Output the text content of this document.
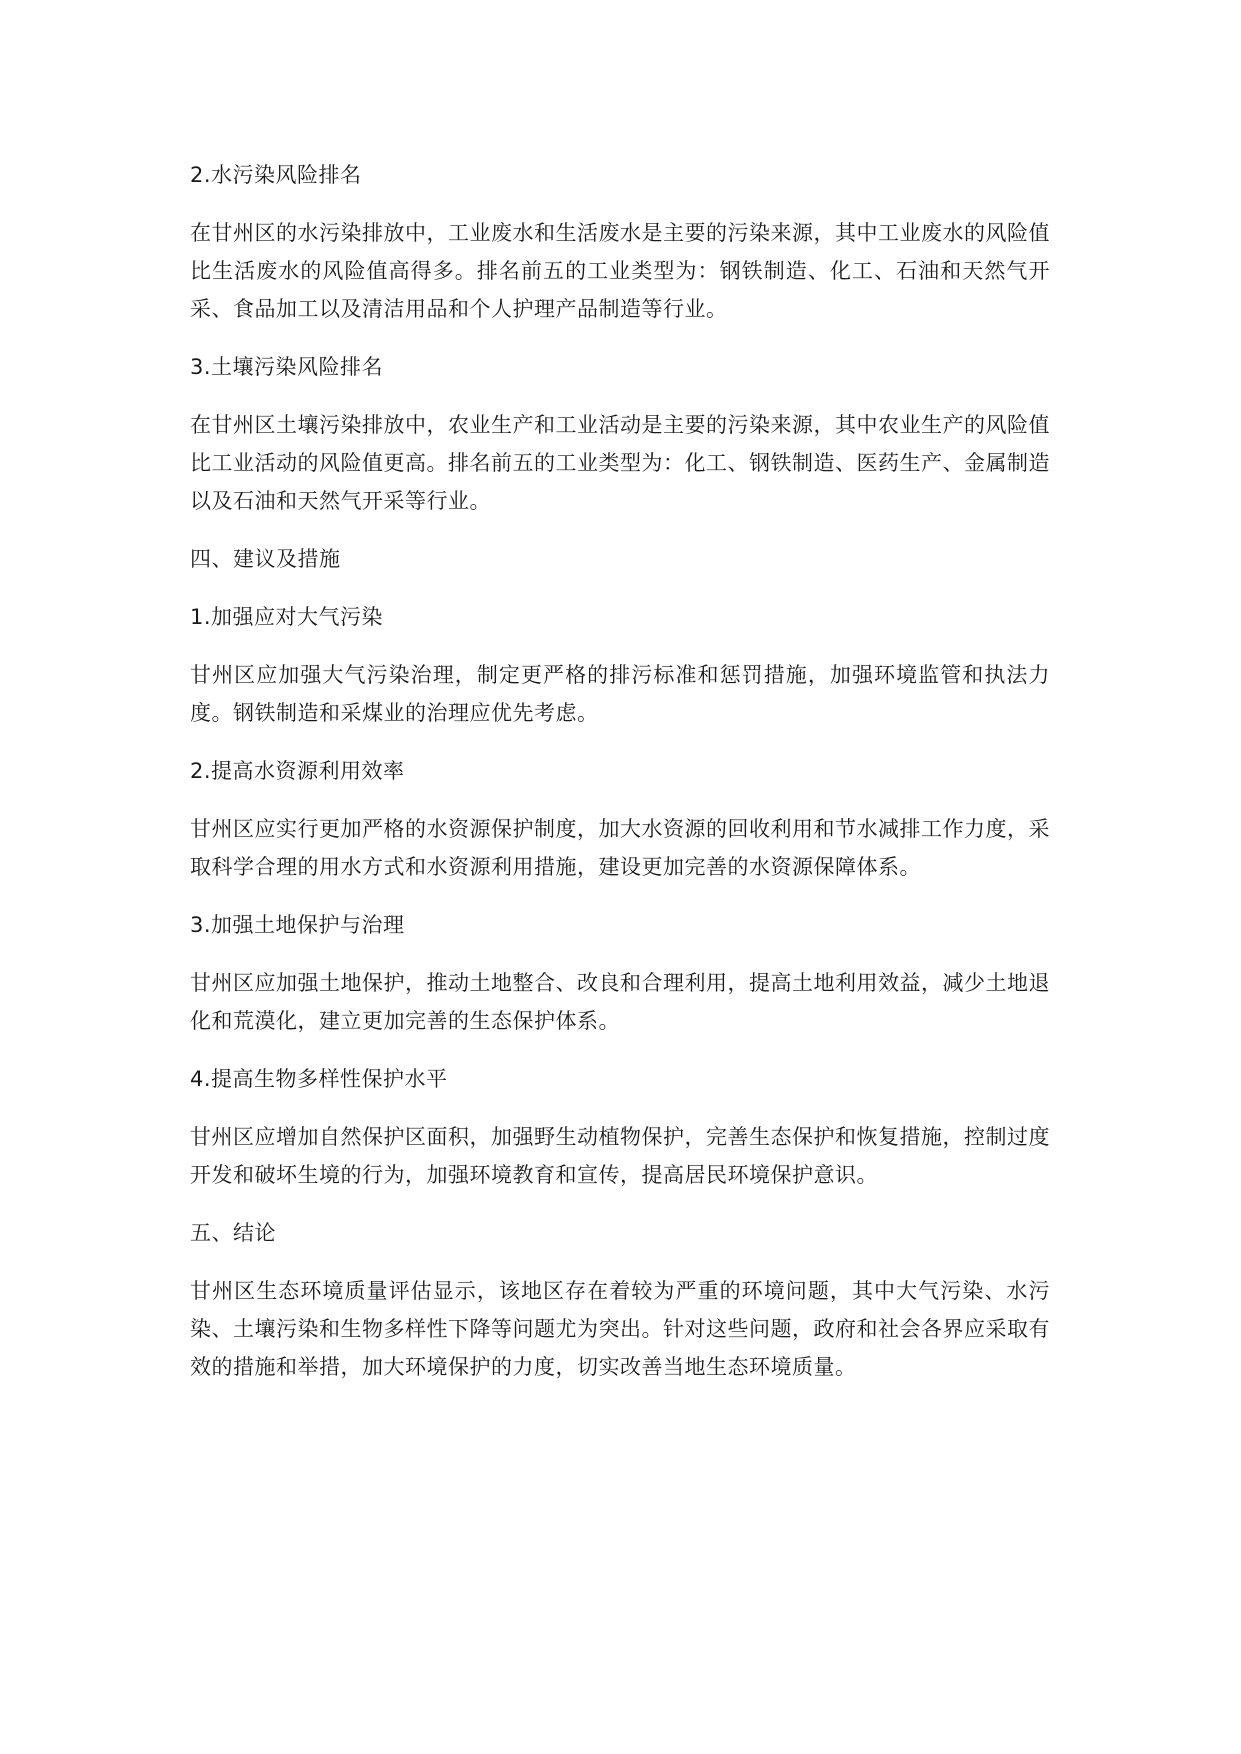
2.水污染风险排名
在甘州区的水污染排放中，工业废水和生活废水是主要的污染来源，其中工业废水的风险值比生活废水的风险值高得多。排名前五的工业类型为：钢铁制造、化工、石油和天然气开采、食品加工以及清洁用品和个人护理产品制造等行业。
3.土壤污染风险排名
在甘州区土壤污染排放中，农业生产和工业活动是主要的污染来源，其中农业生产的风险值比工业活动的风险值更高。排名前五的工业类型为：化工、钢铁制造、医药生产、金属制造以及石油和天然气开采等行业。
四、建议及措施
1.加强应对大气污染
甘州区应加强大气污染治理，制定更严格的排污标准和惩罚措施，加强环境监管和执法力度。钢铁制造和采煤业的治理应优先考虑。
2.提高水资源利用效率
甘州区应实行更加严格的水资源保护制度，加大水资源的回收利用和节水减排工作力度，采取科学合理的用水方式和水资源利用措施，建设更加完善的水资源保障体系。
3.加强土地保护与治理
甘州区应加强土地保护，推动土地整合、改良和合理利用，提高土地利用效益，减少土地退化和荒漠化，建立更加完善的生态保护体系。
4.提高生物多样性保护水平
甘州区应增加自然保护区面积，加强野生动植物保护，完善生态保护和恢复措施，控制过度开发和破坏生境的行为，加强环境教育和宣传，提高居民环境保护意识。
五、结论
甘州区生态环境质量评估显示，该地区存在着较为严重的环境问题，其中大气污染、水污染、土壤污染和生物多样性下降等问题尤为突出。针对这些问题，政府和社会各界应采取有效的措施和举措，加大环境保护的力度，切实改善当地生态环境质量。
